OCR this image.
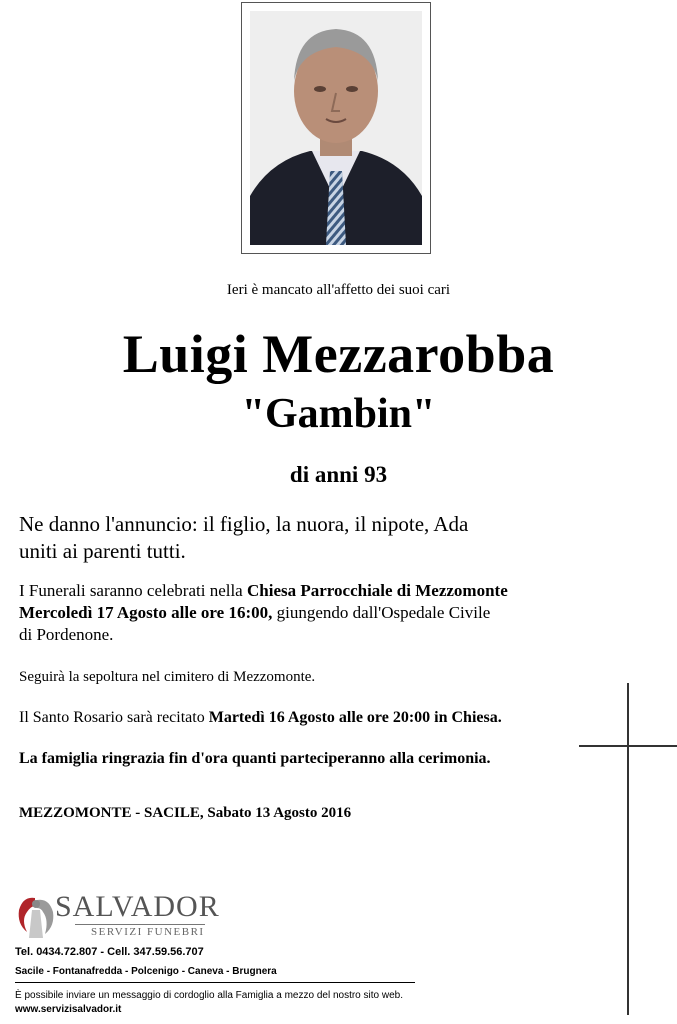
Ieri è mancato all'affetto dei suoi cari
Luigi Mezzarobba
"Gambin"
di anni 93
Ne danno l'annuncio: il figlio, la nuora, il nipote, Ada
uniti ai parenti tutti.
I Funerali saranno celebrati nella Chiesa Parrocchiale di Mezzomonte
Mercoledì 17 Agosto alle ore 16:00, giungendo dall'Ospedale Civile
di Pordenone.
Seguirà la sepoltura nel cimitero di Mezzomonte.
Il Santo Rosario sarà recitato Martedì 16 Agosto alle ore 20:00 in Chiesa.
La famiglia ringrazia fin d'ora quanti parteciperanno alla cerimonia.
MEZZOMONTE - SACILE, Sabato 13 Agosto 2016
SALVADOR
SERVIZI FUNEBRI
Tel. 0434.72.807 - Cell. 347.59.56.707
Sacile - Fontanafredda - Polcenigo - Caneva - Brugnera
È possibile inviare un messaggio di cordoglio alla Famiglia a mezzo del nostro sito web.
www.servizisalvador.it
